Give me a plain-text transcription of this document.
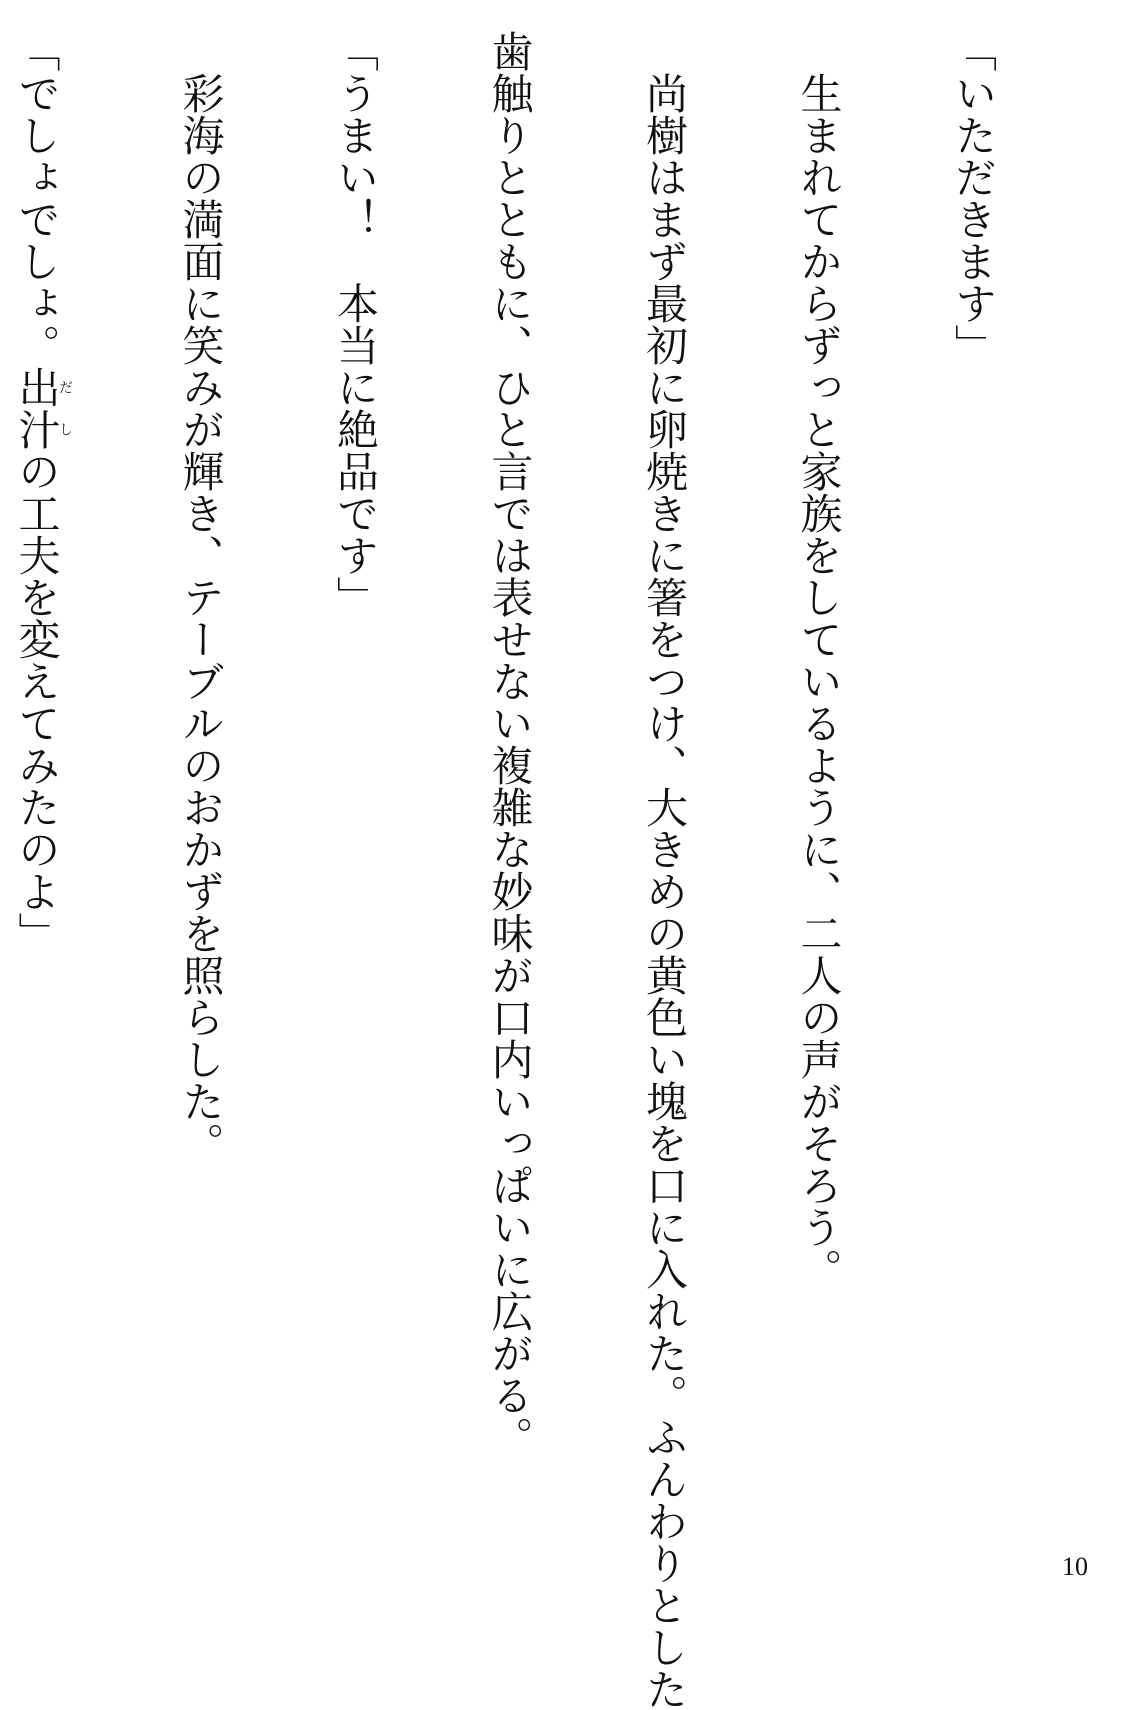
「いただきます」

　生まれてからずっと家族をしているように、二人の声がそろう。

　尚樹はまず最初に卵焼きに箸をつけ、大きめの黄色い塊を口に入れた。ふんわりとした

歯触りとともに、ひと言では表せない複雑な妙味が口内いっぱいに広がる。

「うまい！　本当に絶品です」

　彩海の満面に笑みが輝き、テーブルのおかずを照らした。

「でしょでしょ。出汁だしの工夫を変えてみたのよ」

10
